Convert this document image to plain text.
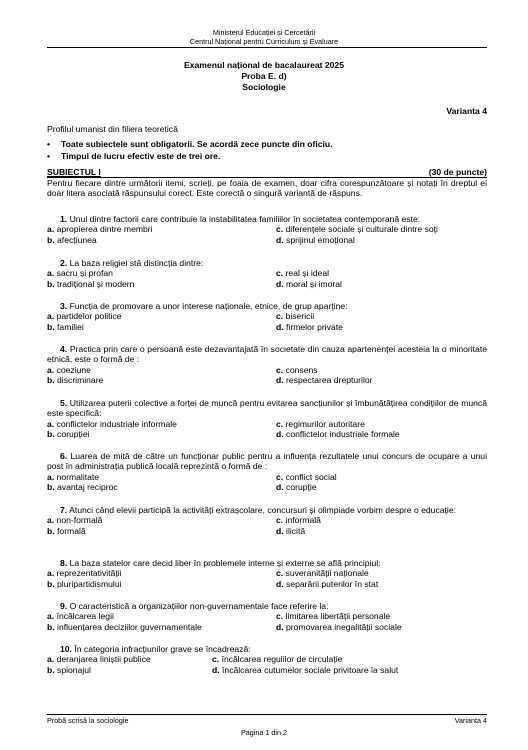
Ministerul Educației și Cercetării
Centrul Național pentru Curriculum și Evaluare
Examenul național de bacalaureat 2025
Proba E. d)
Sociologie
Varianta 4
Profilul umanist din filiera teoretică
• Toate subiectele sunt obligatorii. Se acordă zece puncte din oficiu.
• Timpul de lucru efectiv este de trei ore.
SUBIECTUL I	(30 de puncte)
Pentru fiecare dintre următorii itemi, scrieți, pe foaia de examen, doar cifra corespunzătoare și notați în dreptul ei doar litera asociată răspunsului corect. Este corectă o singură variantă de răspuns.
1. Unul dintre factorii care contribuie la instabilitatea familiilor în societatea contemporană este:
a. apropierea dintre membri
b. afecțiunea
c. diferențele sociale și culturale dintre soți
d. sprijinul emoțional
2. La baza religiei stă distincția dintre:
a. sacru și profan
b. tradițional și modern
c. real și ideal
d. moral și imoral
3. Funcția de promovare a unor interese naționale, etnice, de grup aparține:
a. partidelor politice
b. familiei
c. bisericii
d. firmelor private
4. Practica prin care o persoană este dezavantajată în societate din cauza apartenenței acesteia la o minoritate etnică, este o formă de :
a. coeziune
b. discriminare
c. consens
d. respectarea drepturilor
5. Utilizarea puterii colective a forței de muncă pentru evitarea sancțiunilor și îmbunătățirea condițiilor de muncă este specifică:
a. conflictelor industriale informale
b. corupției
c. regimurilor autoritare
d. conflictelor industriale formale
6. Luarea de mită de către un funcționar public pentru a influența rezultatele unui concurs de ocupare a unui post în administrația publică locală reprezintă o formă de :
a. normalitate
b. avantaj reciproc
c. conflict social
d. corupție
7. Atunci când elevii participă la activități extrașcolare, concursuri și olimpiade vorbim despre o educație:
a. non-formală
b. formală
c. informală
d. ilicită
8. La baza statelor care decid liber în problemele interne și externe se află principiul:
a. reprezentativității
b. pluripartidismului
c. suveranității naționale
d. separării puterilor în stat
9. O caracteristică a organizațiilor non-guvernamentale face referire la:
a. încălcarea legii
b. influențarea deciziilor guvernamentale
c. limitarea libertății personale
d. promovarea inegalității sociale
10. În categoria infracțiunilor grave se încadrează:
a. deranjarea liniștii publice
b. spionajul
c. încălcarea regulilor de circulație
d. încălcarea cutumelor sociale privitoare la salut
Probă scrisă la sociologie	Varianta 4
Pagina 1 din 2
